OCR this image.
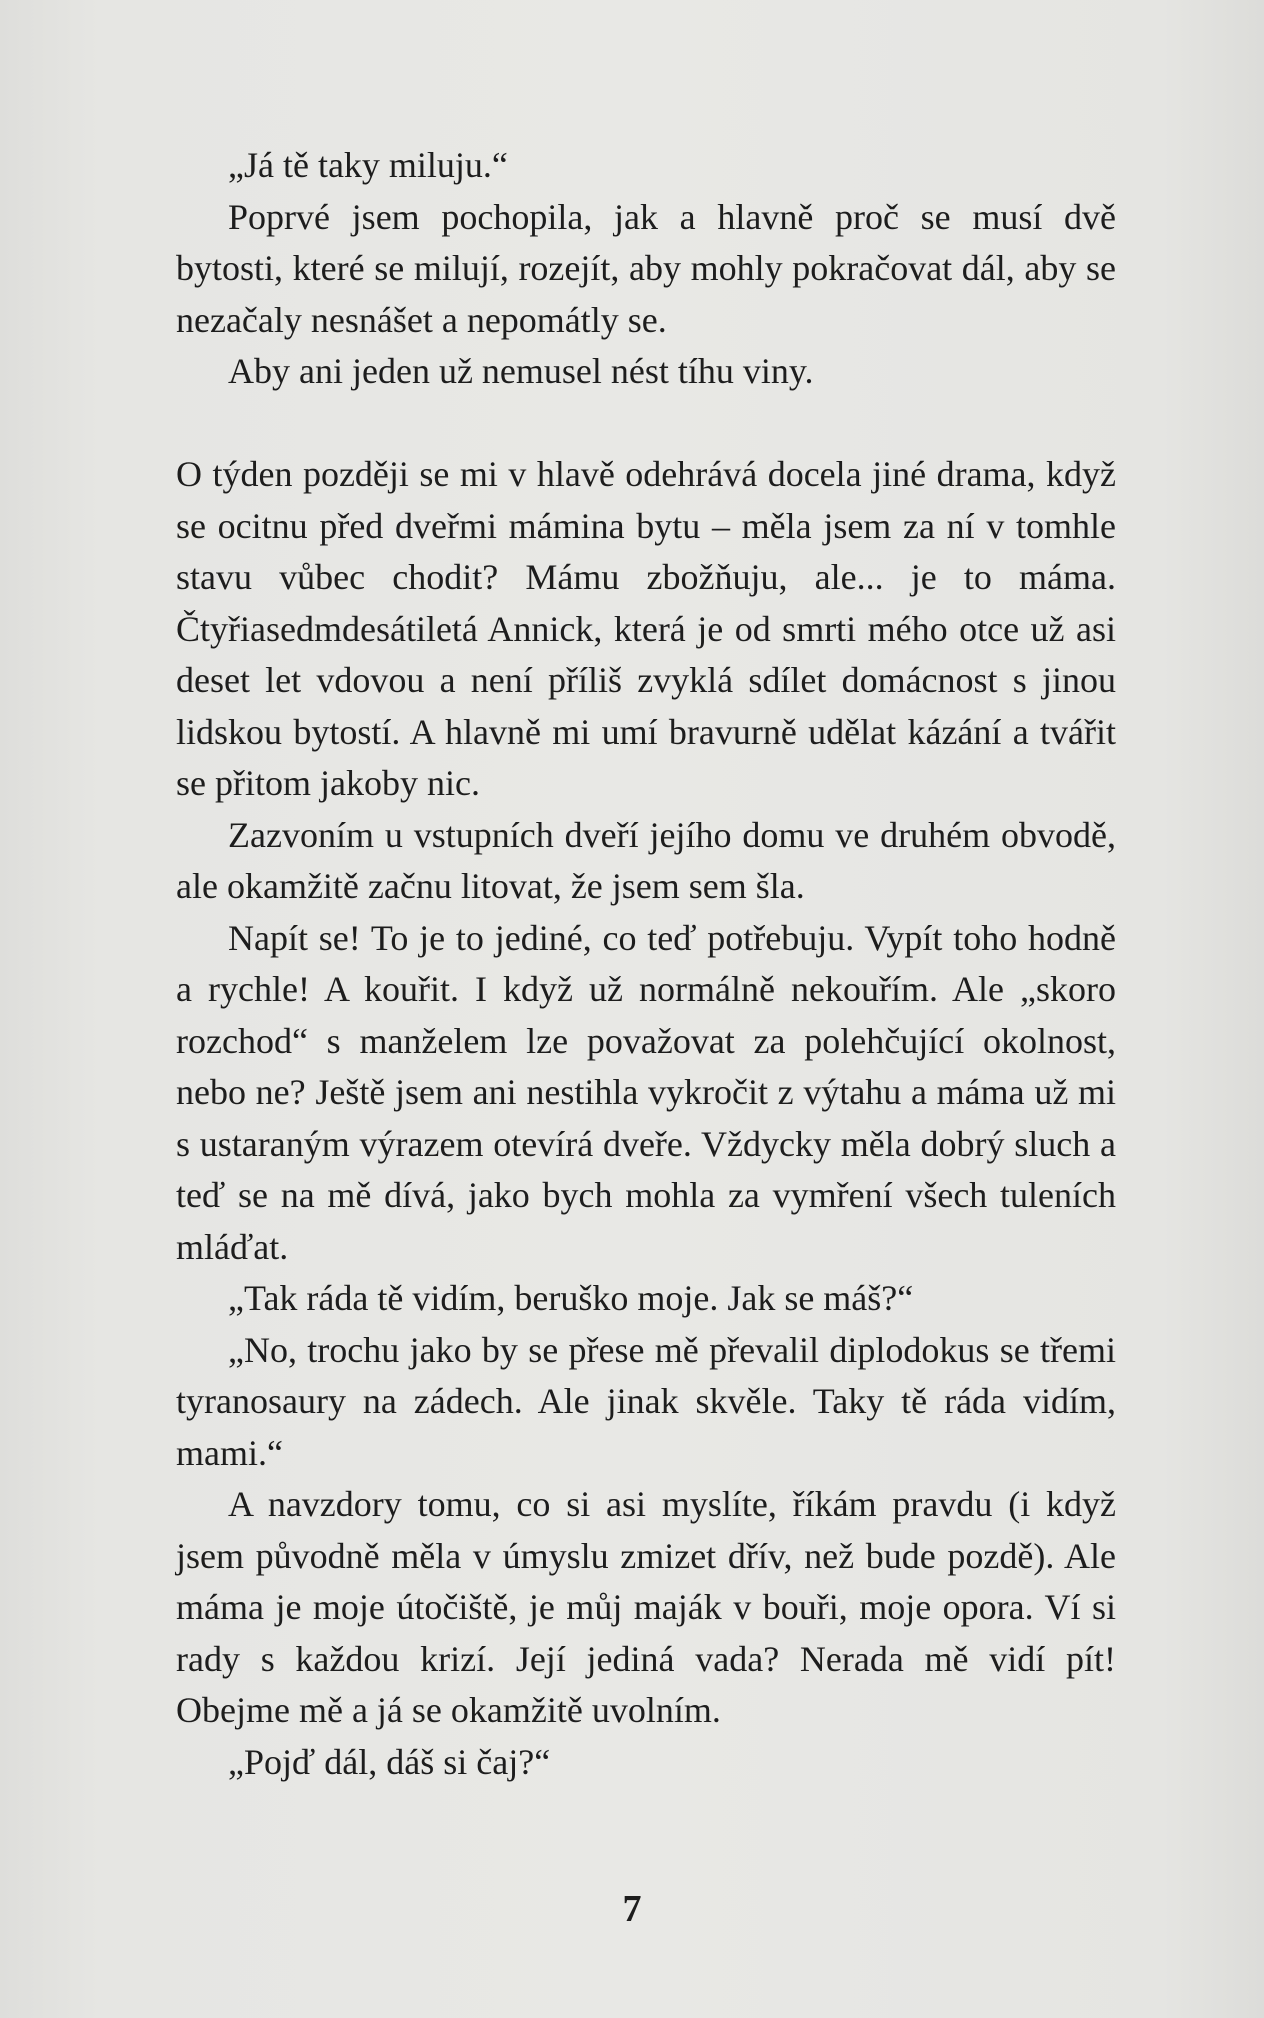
„Já tě taky miluju.“

Poprvé jsem pochopila, jak a hlavně proč se musí dvě bytosti, které se milují, rozejít, aby mohly pokračovat dál, aby se nezačaly nesnášet a nepomátly se.

Aby ani jeden už nemusel nést tíhu viny.

O týden později se mi v hlavě odehrává docela jiné drama, když se ocitnu před dveřmi mámina bytu – měla jsem za ní v tomhle stavu vůbec chodit? Mámu zbožňuju, ale... je to máma. Čtyřiasedmdesátiletá Annick, která je od smrti mého otce už asi deset let vdovou a není příliš zvyklá sdílet domácnost s jinou lidskou bytostí. A hlavně mi umí bravurně udělat kázání a tvářit se přitom jakoby nic.

Zazvoním u vstupních dveří jejího domu ve druhém obvodě, ale okamžitě začnu litovat, že jsem sem šla.

Napít se! To je to jediné, co teď potřebuju. Vypít toho hodně a rychle! A kouřit. I když už normálně nekouřím. Ale „skoro rozchod“ s manželem lze považovat za polehčující okolnost, nebo ne? Ještě jsem ani nestihla vykročit z výtahu a máma už mi s ustaraným výrazem otevírá dveře. Vždycky měla dobrý sluch a teď se na mě dívá, jako bych mohla za vymření všech tuleních mláďat.

„Tak ráda tě vidím, beruško moje. Jak se máš?“

„No, trochu jako by se přese mě převalil diplodokus se třemi tyranosaury na zádech. Ale jinak skvěle. Taky tě ráda vidím, mami.“

A navzdory tomu, co si asi myslíte, říkám pravdu (i když jsem původně měla v úmyslu zmizet dřív, než bude pozdě). Ale máma je moje útočiště, je můj maják v bouři, moje opora. Ví si rady s každou krizí. Její jediná vada? Nerada mě vidí pít! Obejme mě a já se okamžitě uvolním.

„Pojď dál, dáš si čaj?“

7
